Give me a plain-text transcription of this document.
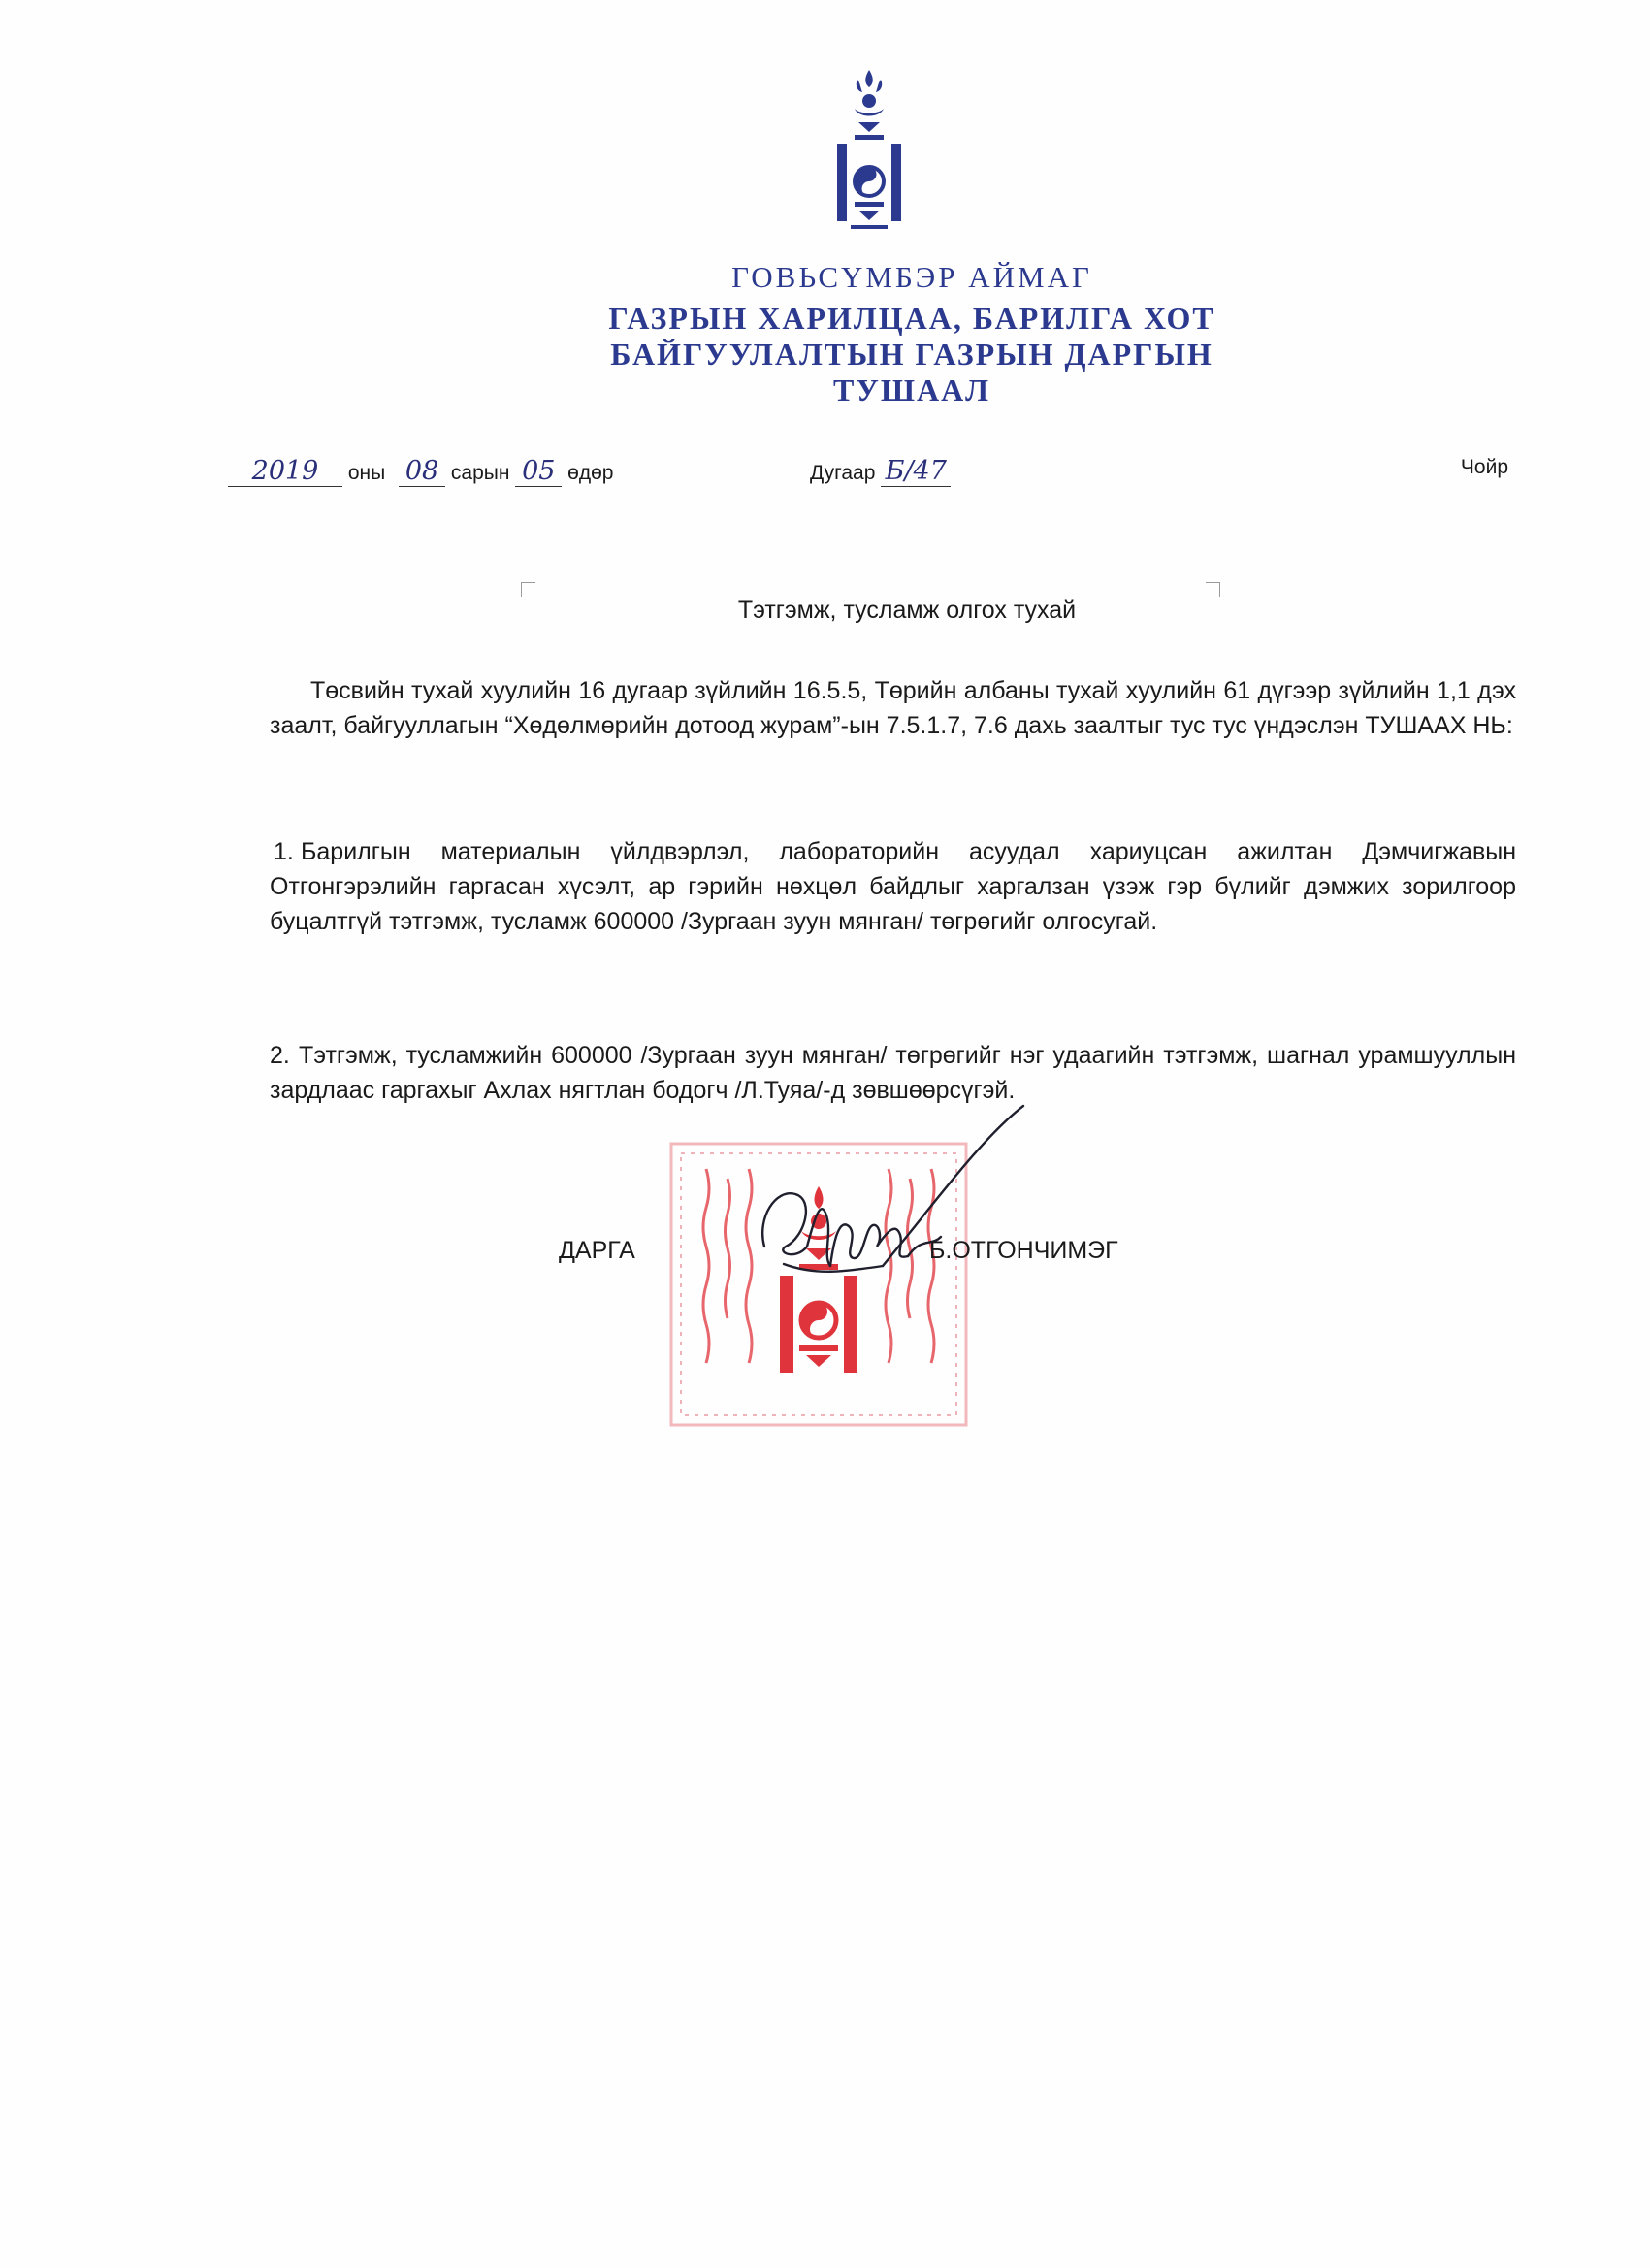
ГОВЬСҮМБЭР АЙМАГ
ГАЗРЫН ХАРИЛЦАА, БАРИЛГА ХОТ
БАЙГУУЛАЛТЫН ГАЗРЫН ДАРГЫН
ТУШААЛ
2019 оны 08 сарын 05 өдөр	Дугаар Б/47	Чойр
Тэтгэмж, тусламж олгох тухай
Төсвийн тухай хуулийн 16 дугаар зүйлийн 16.5.5, Төрийн албаны тухай хуулийн 61 дүгээр зүйлийн 1,1 дэх заалт, байгууллагын “Хөдөлмөрийн дотоод журам”-ын 7.5.1.7, 7.6 дахь заалтыг тус тус үндэслэн ТУШААХ НЬ:
1. Барилгын материалын үйлдвэрлэл, лабораторийн асуудал хариуцсан ажилтан Дэмчигжавын Отгонгэрэлийн гаргасан хүсэлт, ар гэрийн нөхцөл байдлыг харгалзан үзэж гэр бүлийг дэмжих зорилгоор буцалтгүй тэтгэмж, тусламж 600000 /Зургаан зуун мянган/ төгрөгийг олгосугай.
2. Тэтгэмж, тусламжийн 600000 /Зургаан зуун мянган/ төгрөгийг нэг удаагийн тэтгэмж, шагнал урамшууллын зардлаас гаргахыг Ахлах нягтлан бодогч /Л.Туяа/-д зөвшөөрсүгэй.
ДАРГА	Б.ОТГОНЧИМЭГ
